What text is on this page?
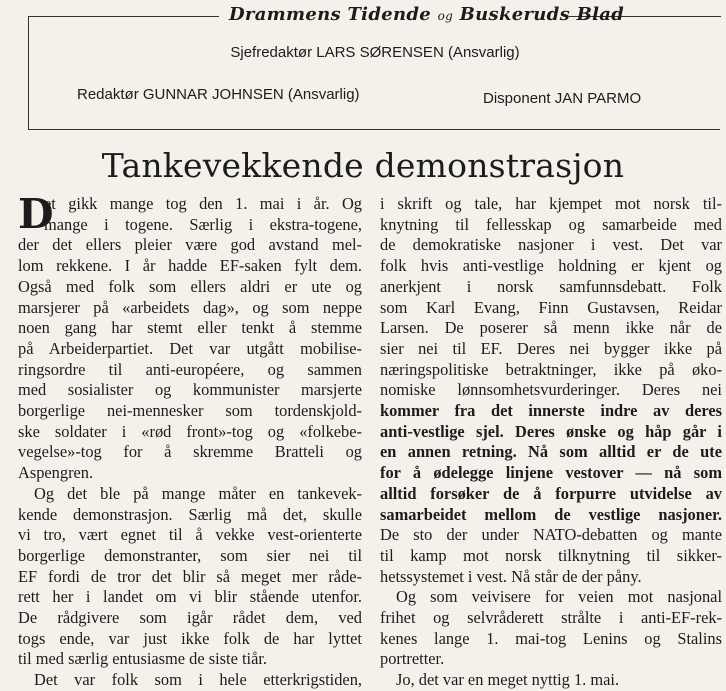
Drammens Tidende og Buskeruds Blad
Sjefredaktør LARS SØRENSEN (Ansvarlig)
Redaktør GUNNAR JOHNSEN (Ansvarlig)	Disponent JAN PARMO
Tankevekkende demonstrasjon
D
et gikk mange tog den 1. mai i år. Og
mange i togene. Særlig i ekstra-togene,
der det ellers pleier være god avstand mel-
lom rekkene. I år hadde EF-saken fylt dem.
Også med folk som ellers aldri er ute og
marsjerer på «arbeidets dag», og som neppe
noen gang har stemt eller tenkt å stemme
på Arbeiderpartiet. Det var utgått mobilise-
ringsordre til anti-européere, og sammen
med sosialister og kommunister marsjerte
borgerlige nei-mennesker som tordenskjold-
ske soldater i «rød front»-tog og «folkebe-
vegelse»-tog for å skremme Bratteli og
Aspengren.
Og det ble på mange måter en tankevek-
kende demonstrasjon. Særlig må det, skulle
vi tro, vært egnet til å vekke vest-orienterte
borgerlige demonstranter, som sier nei til
EF fordi de tror det blir så meget mer råde-
rett her i landet om vi blir stående utenfor.
De rådgivere som igår rådet dem, ved
togs ende, var just ikke folk de har lyttet
til med særlig entusiasme de siste tiår.
Det var folk som i hele etterkrigstiden,
i skrift og tale, har kjempet mot norsk til-
knytning til fellesskap og samarbeide med
de demokratiske nasjoner i vest. Det var
folk hvis anti-vestlige holdning er kjent og
anerkjent i norsk samfunnsdebatt. Folk
som Karl Evang, Finn Gustavsen, Reidar
Larsen. De poserer så menn ikke når de
sier nei til EF. Deres nei bygger ikke på
næringspolitiske betraktninger, ikke på øko-
nomiske lønnsomhetsvurderinger. Deres nei
kommer fra det innerste indre av deres
anti-vestlige sjel. Deres ønske og håp går i
en annen retning. Nå som alltid er de ute
for å ødelegge linjene vestover — nå som
alltid forsøker de å forpurre utvidelse av
samarbeidet mellom de vestlige nasjoner.
De sto der under NATO-debatten og mante
til kamp mot norsk tilknytning til sikker-
hetssystemet i vest. Nå står de der påny.
Og som veivisere for veien mot nasjonal
frihet og selvråderett strålte i anti-EF-rek-
kenes lange 1. mai-tog Lenins og Stalins
portretter.
Jo, det var en meget nyttig 1. mai.
